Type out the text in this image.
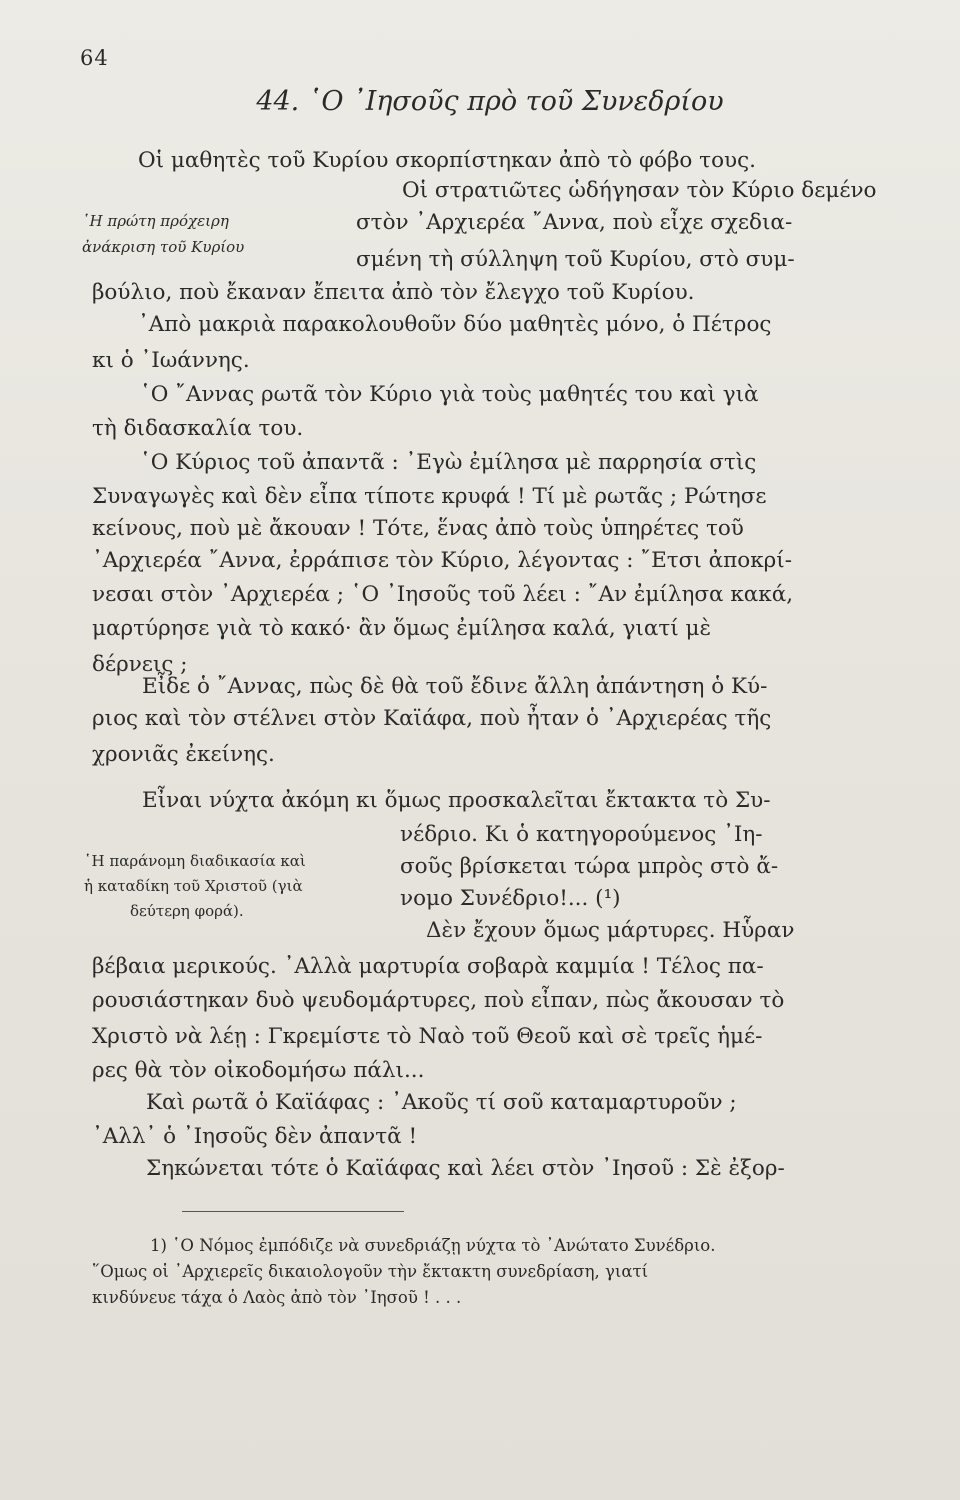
64
44. ῾Ο ᾿Ιησοῦς πρὸ τοῦ Συνεδρίου
῾Η πρώτη πρόχειρη
ἀνάκριση τοῦ Κυρίου
῾Η παράνομη διαδικασία καὶ
ἡ καταδίκη τοῦ Χριστοῦ (γιὰ
δεύτερη φορά).
Οἱ μαθητὲς τοῦ Κυρίου σκορπίστηκαν ἀπὸ τὸ φόβο τους.
Οἱ στρατιῶτες ὡδήγησαν τὸν Κύριο δεμένο
στὸν ᾿Αρχιερέα ῎Αννα, ποὺ εἶχε σχεδια-
σμένη τὴ σύλληψη τοῦ Κυρίου, στὸ συμ-
βούλιο, ποὺ ἔκαναν ἔπειτα ἀπὸ τὸν ἔλεγχο τοῦ Κυρίου.
᾿Απὸ μακριὰ παρακολουθοῦν δύο μαθητὲς μόνο, ὁ Πέτρος
κι ὁ ᾿Ιωάννης.
῾Ο ῎Αννας ρωτᾶ τὸν Κύριο γιὰ τοὺς μαθητές του καὶ γιὰ
τὴ διδασκαλία του.
῾Ο Κύριος τοῦ ἀπαντᾶ : ᾿Εγὼ ἐμίλησα μὲ παρρησία στὶς
Συναγωγὲς καὶ δὲν εἶπα τίποτε κρυφά ! Τί μὲ ρωτᾶς ; Ρώτησε
κείνους, ποὺ μὲ ἄκουαν ! Τότε, ἕνας ἀπὸ τοὺς ὑπηρέτες τοῦ
᾿Αρχιερέα ῎Αννα, ἐρράπισε τὸν Κύριο, λέγοντας : ῎Ετσι ἀποκρί-
νεσαι στὸν ᾿Αρχιερέα ; ῾Ο ᾿Ιησοῦς τοῦ λέει : ῎Αν ἐμίλησα κακά,
μαρτύρησε γιὰ τὸ κακό· ἂν ὅμως ἐμίλησα καλά, γιατί μὲ
δέρνεις ;
Εἶδε ὁ ῎Αννας, πὼς δὲ θὰ τοῦ ἔδινε ἄλλη ἀπάντηση ὁ Κύ-
ριος καὶ τὸν στέλνει στὸν Καϊάφα, ποὺ ἦταν ὁ ᾿Αρχιερέας τῆς
χρονιᾶς ἐκείνης.
Εἶναι νύχτα ἀκόμη κι ὅμως προσκαλεῖται ἔκτακτα τὸ Συ-
νέδριο. Κι ὁ κατηγορούμενος ᾿Ιη-
σοῦς βρίσκεται τώρα μπρὸς στὸ ἄ-
νομο Συνέδριο!... (¹)
Δὲν ἔχουν ὅμως μάρτυρες. Ηὗραν
βέβαια μερικούς. ᾿Αλλὰ μαρτυρία σοβαρὰ καμμία ! Τέλος πα-
ρουσιάστηκαν δυὸ ψευδομάρτυρες, ποὺ εἶπαν, πὼς ἄκουσαν τὸ
Χριστὸ νὰ λέῃ : Γκρεμίστε τὸ Ναὸ τοῦ Θεοῦ καὶ σὲ τρεῖς ἡμέ-
ρες θὰ τὸν οἰκοδομήσω πάλι...
Καὶ ρωτᾶ ὁ Καϊάφας : ᾿Ακοῦς τί σοῦ καταμαρτυροῦν ;
᾿Αλλ᾿ ὁ ᾿Ιησοῦς δὲν ἀπαντᾶ !
Σηκώνεται τότε ὁ Καϊάφας καὶ λέει στὸν ᾿Ιησοῦ : Σὲ ἐξορ-
1) ῾Ο Νόμος ἐμπόδιζε νὰ συνεδριάζῃ νύχτα τὸ ᾿Ανώτατο Συνέδριο.
῞Ομως οἱ ᾿Αρχιερεῖς δικαιολογοῦν τὴν ἔκτακτη συνεδρίαση, γιατί
κινδύνευε τάχα ὁ Λαὸς ἀπὸ τὸν ᾿Ιησοῦ ! . . .
